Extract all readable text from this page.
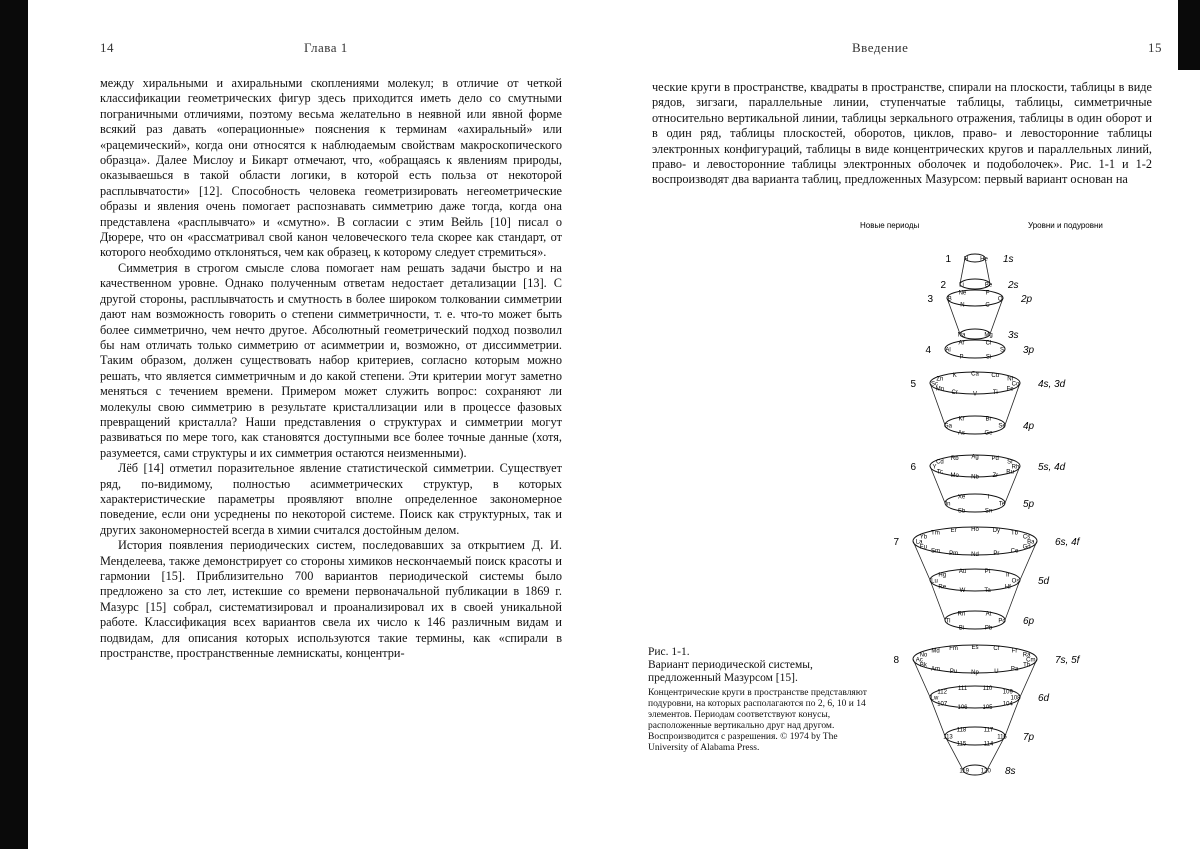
14	Глава 1

между хиральными и ахиральными скоплениями молекул; в отличие от четкой классификации геометрических фигур здесь приходится иметь дело со смутными пограничными отличиями, поэтому весьма желательно в неявной или явной форме всякий раз давать «операционные» пояснения к терминам «ахиральный» или «рацемический», когда они относятся к наблюдаемым свойствам макроскопического образца». Далее Мислоу и Бикарт отмечают, что, «обращаясь к явлениям природы, оказываешься в такой области логики, в которой есть польза от некоторой расплывчатости» [12]. Способность человека геометризировать негеометрические образы и явления очень помогает распознавать симметрию даже тогда, когда она представлена «расплывчато» и «смутно». В согласии с этим Вейль [10] писал о Дюрере, что он «рассматривал свой канон человеческого тела скорее как стандарт, от которого необходимо отклоняться, чем как образец, к которому следует стремиться».

Симметрия в строгом смысле слова помогает нам решать задачи быстро и на качественном уровне. Однако полученным ответам недостает детализации [13]. С другой стороны, расплывчатость и смутность в более широком толковании симметрии дают нам возможность говорить о степени симметричности, т. е. что-то может быть более симметрично, чем нечто другое. Абсолютный геометрический подход позволил бы нам отличать только симметрию от асимметрии и, возможно, от диссимметрии. Таким образом, должен существовать набор критериев, согласно которым можно решать, что является симметричным и до какой степени. Эти критерии могут заметно меняться с течением времени. Примером может служить вопрос: сохраняют ли молекулы свою симметрию в результате кристаллизации или в процессе фазовых превращений кристалла? Наши представления о структурах и симметрии могут развиваться по мере того, как становятся доступными все более точные данные (хотя, разумеется, сами структуры и их симметрия остаются неизменными).

Лёб [14] отметил поразительное явление статистической симметрии. Существует ряд, по-видимому, полностью асимметрических структур, в которых характеристические параметры проявляют вполне определенное закономерное поведение, если они усреднены по некоторой системе. Поиск как структурных, так и других закономерностей всегда в химии считался достойным делом.

История появления периодических систем, последовавших за открытием Д. И. Менделеева, также демонстрирует со стороны химиков нескончаемый поиск красоты и гармонии [15]. Приблизительно 700 вариантов периодической системы было предложено за сто лет, истекшие со времени первоначальной публикации в 1869 г. Мазурс [15] собрал, систематизировал и проанализировал их в своей уникальной работе. Классификация всех вариантов свела их число к 146 различным видам и подвидам, для описания которых используются такие термины, как «спирали в пространстве, пространственные лемнискаты, концентри-

Введение	15

ческие круги в пространстве, квадраты в пространстве, спирали на плоскости, таблицы в виде рядов, зигзаги, параллельные линии, ступенчатые таблицы, таблицы, симметричные относительно вертикальной линии, таблицы зеркального отражения, таблицы в один оборот и в один ряд, таблицы плоскостей, оборотов, циклов, право- и левосторонние таблицы электронных конфигураций, таблицы в виде концентрических кругов и параллельных линий, право- и левосторонние таблицы электронных оболочек и подоболочек». Рис. 1-1 и 1-2 воспроизводят два варианта таблиц, предложенных Мазурсом: первый вариант основан на

Рис. 1-1.
Вариант периодической системы, предложенный Мазурсом [15].
Концентрические круги в пространстве представляют подуровни, на которых располагаются по 2, 6, 10 и 14 элементов. Периодам соответствуют конусы, расположенные вертикально друг над другом. Воспроизводится с разрешения. © 1974 by The University of Alabama Press.
Новые периоды	Уровни и подуровни
H He
1	1s
Li	Be
2	2s
B
Ne	F
O
C
N
3	2p
Na	Mg 3s
Al
Ar	Cl
S
Si
P
4	3p
Sc
Zn
K Ca Cu
Ni
Co
Fe
Ti
V
Cr
Mn
5	4s, 3d
Ga
Kr	Br
Se
Ge
As
4p
Y
Cd
Rb Ag Pd
Sr
Rh
Ru
Zr
Nb
Mo
Tc
6	5s, 4d
In
Xe	I
Te
Sn
Sb
5p
La
Yb
Tm Er Ho Dy Tb
Cs
Ba
Gd
Ce
Pr
Nd
Pm
Sm
Eu
7	6s, 4f
Lu
Hg
Au	Pt
Ir
Os
Hf
Ta
W
Re
5d
Tl
Rn	At
Po
Pb
Bi
6p
Ac
No
Md Fm Es Cf Fr
Ra
Cm
Th
Pa
U
Np
Pu
Am
Bk
8	7s, 5f
Lw
112
111	110
109
108
104
105
106
107
6d
113
118	117
116
114
115
7p
119 120 8s
